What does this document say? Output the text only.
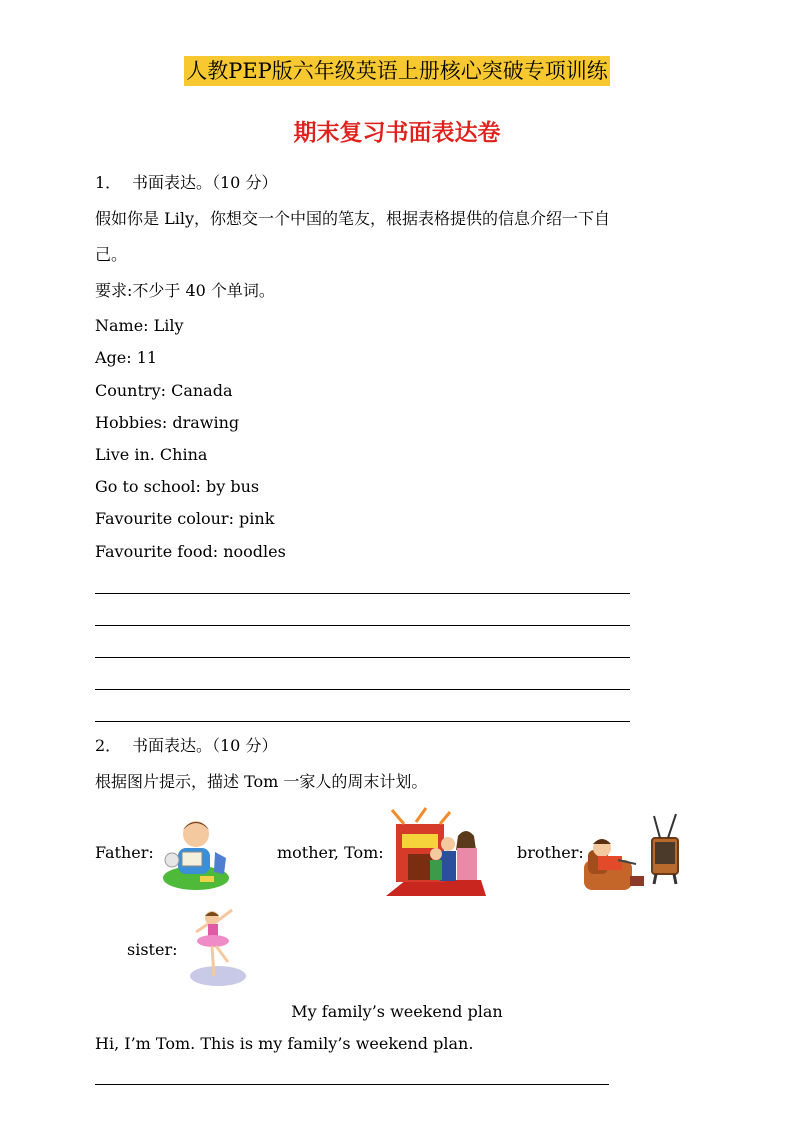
人教PEP版六年级英语上册核心突破专项训练
期末复习书面表达卷
1． 书面表达。（10 分）
假如你是 Lily，你想交一个中国的笔友，根据表格提供的信息介绍一下自
己。
要求:不少于 40 个单词。
Name: Lily
Age: 11
Country: Canada
Hobbies: drawing
Live in. China
Go to school: by bus
Favourite colour: pink
Favourite food: noodles
2． 书面表达。（10 分）
根据图片提示，描述 Tom 一家人的周末计划。
Father:	mother, Tom:	brother:
sister:
My family’s weekend plan
Hi, I’m Tom. This is my family’s weekend plan.
